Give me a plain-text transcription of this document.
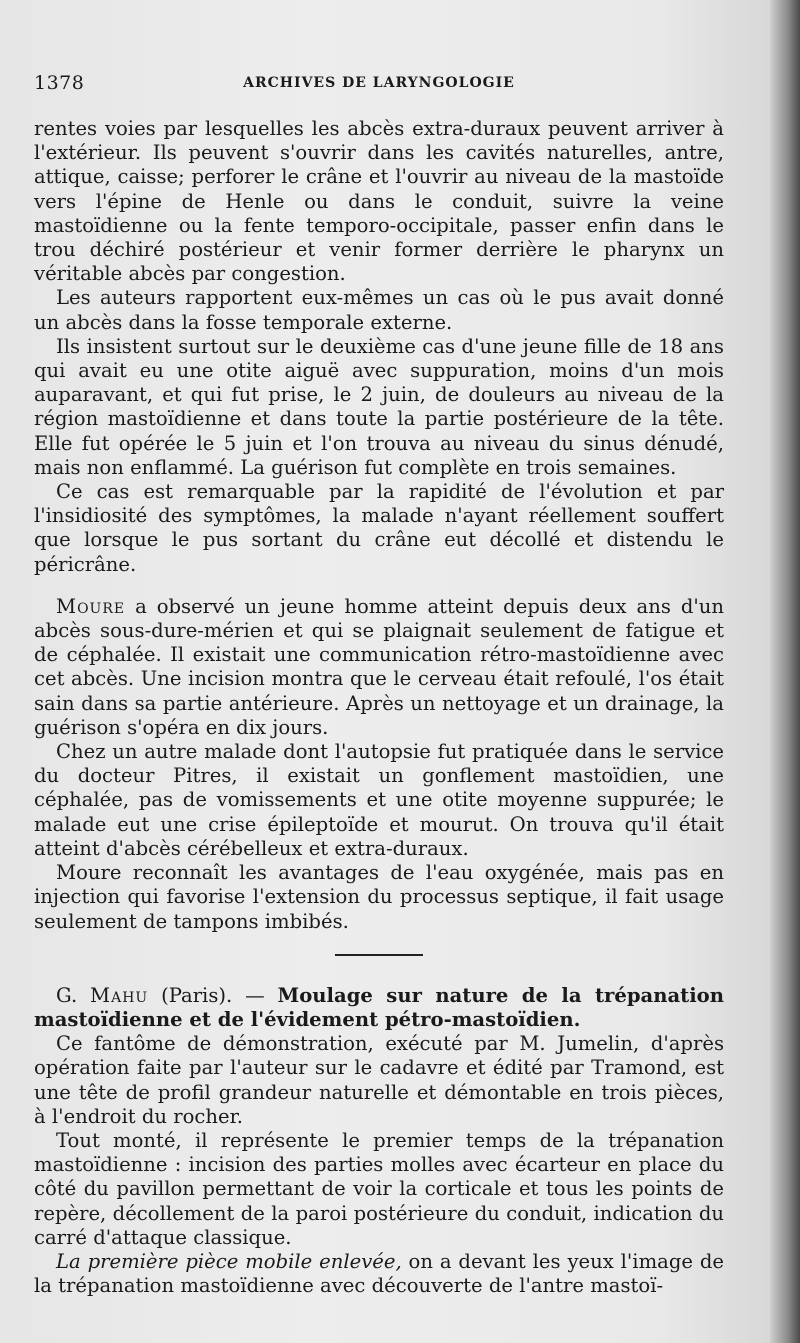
1378	ARCHIVES DE LARYNGOLOGIE

rentes voies par lesquelles les abcès extra-duraux peuvent arriver à l'extérieur. Ils peuvent s'ouvrir dans les cavités naturelles, antre, attique, caisse; perforer le crâne et l'ouvrir au niveau de la mastoïde vers l'épine de Henle ou dans le conduit, suivre la veine mastoïdienne ou la fente temporo-occipitale, passer enfin dans le trou déchiré postérieur et venir former derrière le pharynx un véritable abcès par congestion.

Les auteurs rapportent eux-mêmes un cas où le pus avait donné un abcès dans la fosse temporale externe.

Ils insistent surtout sur le deuxième cas d'une jeune fille de 18 ans qui avait eu une otite aiguë avec suppuration, moins d'un mois auparavant, et qui fut prise, le 2 juin, de douleurs au niveau de la région mastoïdienne et dans toute la partie postérieure de la tête. Elle fut opérée le 5 juin et l'on trouva au niveau du sinus dénudé, mais non enflammé. La guérison fut complète en trois semaines.

Ce cas est remarquable par la rapidité de l'évolution et par l'insidiosité des symptômes, la malade n'ayant réellement souffert que lorsque le pus sortant du crâne eut décollé et distendu le péricrâne.

Moure a observé un jeune homme atteint depuis deux ans d'un abcès sous-dure-mérien et qui se plaignait seulement de fatigue et de céphalée. Il existait une communication rétro-mastoïdienne avec cet abcès. Une incision montra que le cerveau était refoulé, l'os était sain dans sa partie antérieure. Après un nettoyage et un drainage, la guérison s'opéra en dix jours.

Chez un autre malade dont l'autopsie fut pratiquée dans le service du docteur Pitres, il existait un gonflement mastoïdien, une céphalée, pas de vomissements et une otite moyenne suppurée; le malade eut une crise épileptoïde et mourut. On trouva qu'il était atteint d'abcès cérébelleux et extra-duraux.

Moure reconnaît les avantages de l'eau oxygénée, mais pas en injection qui favorise l'extension du processus septique, il fait usage seulement de tampons imbibés.

G. Mahu (Paris). — Moulage sur nature de la trépanation mastoïdienne et de l'évidement pétro-mastoïdien.

Ce fantôme de démonstration, exécuté par M. Jumelin, d'après opération faite par l'auteur sur le cadavre et édité par Tramond, est une tête de profil grandeur naturelle et démontable en trois pièces, à l'endroit du rocher.

Tout monté, il représente le premier temps de la trépanation mastoïdienne : incision des parties molles avec écarteur en place du côté du pavillon permettant de voir la corticale et tous les points de repère, décollement de la paroi postérieure du conduit, indication du carré d'attaque classique.

La première pièce mobile enlevée, on a devant les yeux l'image de la trépanation mastoïdienne avec découverte de l'antre mastoï-
